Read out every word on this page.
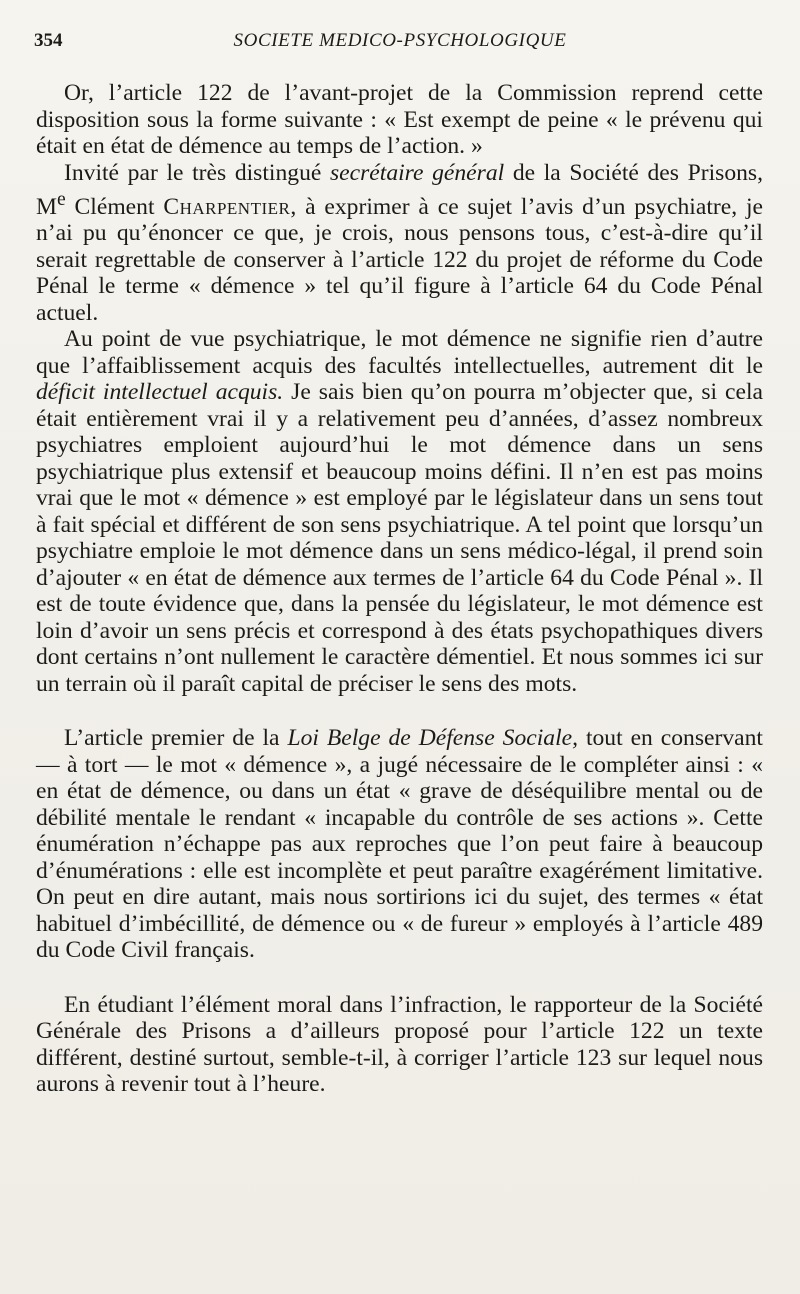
354	SOCIETE MEDICO-PSYCHOLOGIQUE

Or, l’article 122 de l’avant-projet de la Commission reprend cette disposition sous la forme suivante : « Est exempt de peine « le prévenu qui était en état de démence au temps de l’action. »

Invité par le très distingué secrétaire général de la Société des Prisons, Me Clément Charpentier, à exprimer à ce sujet l’avis d’un psychiatre, je n’ai pu qu’énoncer ce que, je crois, nous pensons tous, c’est-à-dire qu’il serait regrettable de conserver à l’article 122 du projet de réforme du Code Pénal le terme « démence » tel qu’il figure à l’article 64 du Code Pénal actuel.

Au point de vue psychiatrique, le mot démence ne signifie rien d’autre que l’affaiblissement acquis des facultés intellectuelles, autrement dit le déficit intellectuel acquis. Je sais bien qu’on pourra m’objecter que, si cela était entièrement vrai il y a relativement peu d’années, d’assez nombreux psychiatres emploient aujourd’hui le mot démence dans un sens psychiatrique plus extensif et beaucoup moins défini. Il n’en est pas moins vrai que le mot « démence » est employé par le législateur dans un sens tout à fait spécial et différent de son sens psychiatrique. A tel point que lorsqu’un psychiatre emploie le mot démence dans un sens médico-légal, il prend soin d’ajouter « en état de démence aux termes de l’article 64 du Code Pénal ». Il est de toute évidence que, dans la pensée du législateur, le mot démence est loin d’avoir un sens précis et correspond à des états psychopathiques divers dont certains n’ont nullement le caractère démentiel. Et nous sommes ici sur un terrain où il paraît capital de préciser le sens des mots.

L’article premier de la Loi Belge de Défense Sociale, tout en conservant — à tort — le mot « démence », a jugé nécessaire de le compléter ainsi : « en état de démence, ou dans un état « grave de déséquilibre mental ou de débilité mentale le rendant « incapable du contrôle de ses actions ». Cette énumération n’échappe pas aux reproches que l’on peut faire à beaucoup d’énumérations : elle est incomplète et peut paraître exagérément limitative. On peut en dire autant, mais nous sortirions ici du sujet, des termes « état habituel d’imbécillité, de démence ou « de fureur » employés à l’article 489 du Code Civil français.

En étudiant l’élément moral dans l’infraction, le rapporteur de la Société Générale des Prisons a d’ailleurs proposé pour l’article 122 un texte différent, destiné surtout, semble-t-il, à corriger l’article 123 sur lequel nous aurons à revenir tout à l’heure.
